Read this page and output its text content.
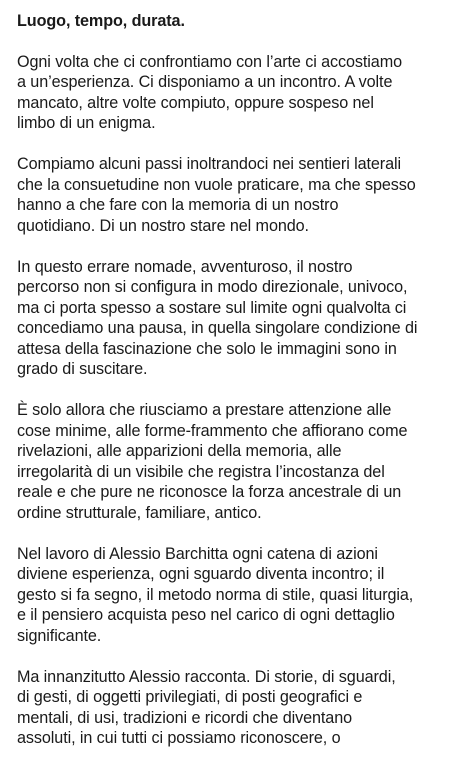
Luogo, tempo, durata.

Ogni volta che ci confrontiamo con l’arte ci accostiamo
a un’esperienza. Ci disponiamo a un incontro. A volte
mancato, altre volte compiuto, oppure sospeso nel
limbo di un enigma.

Compiamo alcuni passi inoltrandoci nei sentieri laterali
che la consuetudine non vuole praticare, ma che spesso
hanno a che fare con la memoria di un nostro
quotidiano. Di un nostro stare nel mondo.

In questo errare nomade, avventuroso, il nostro
percorso non si configura in modo direzionale, univoco,
ma ci porta spesso a sostare sul limite ogni qualvolta ci
concediamo una pausa, in quella singolare condizione di
attesa della fascinazione che solo le immagini sono in
grado di suscitare.

È solo allora che riusciamo a prestare attenzione alle
cose minime, alle forme-frammento che affiorano come
rivelazioni, alle apparizioni della memoria, alle
irregolarità di un visibile che registra l’incostanza del
reale e che pure ne riconosce la forza ancestrale di un
ordine strutturale, familiare, antico.

Nel lavoro di Alessio Barchitta ogni catena di azioni
diviene esperienza, ogni sguardo diventa incontro; il
gesto si fa segno, il metodo norma di stile, quasi liturgia,
e il pensiero acquista peso nel carico di ogni dettaglio
significante.

Ma innanzitutto Alessio racconta. Di storie, di sguardi,
di gesti, di oggetti privilegiati, di posti geografici e
mentali, di usi, tradizioni e ricordi che diventano
assoluti, in cui tutti ci possiamo riconoscere, o
